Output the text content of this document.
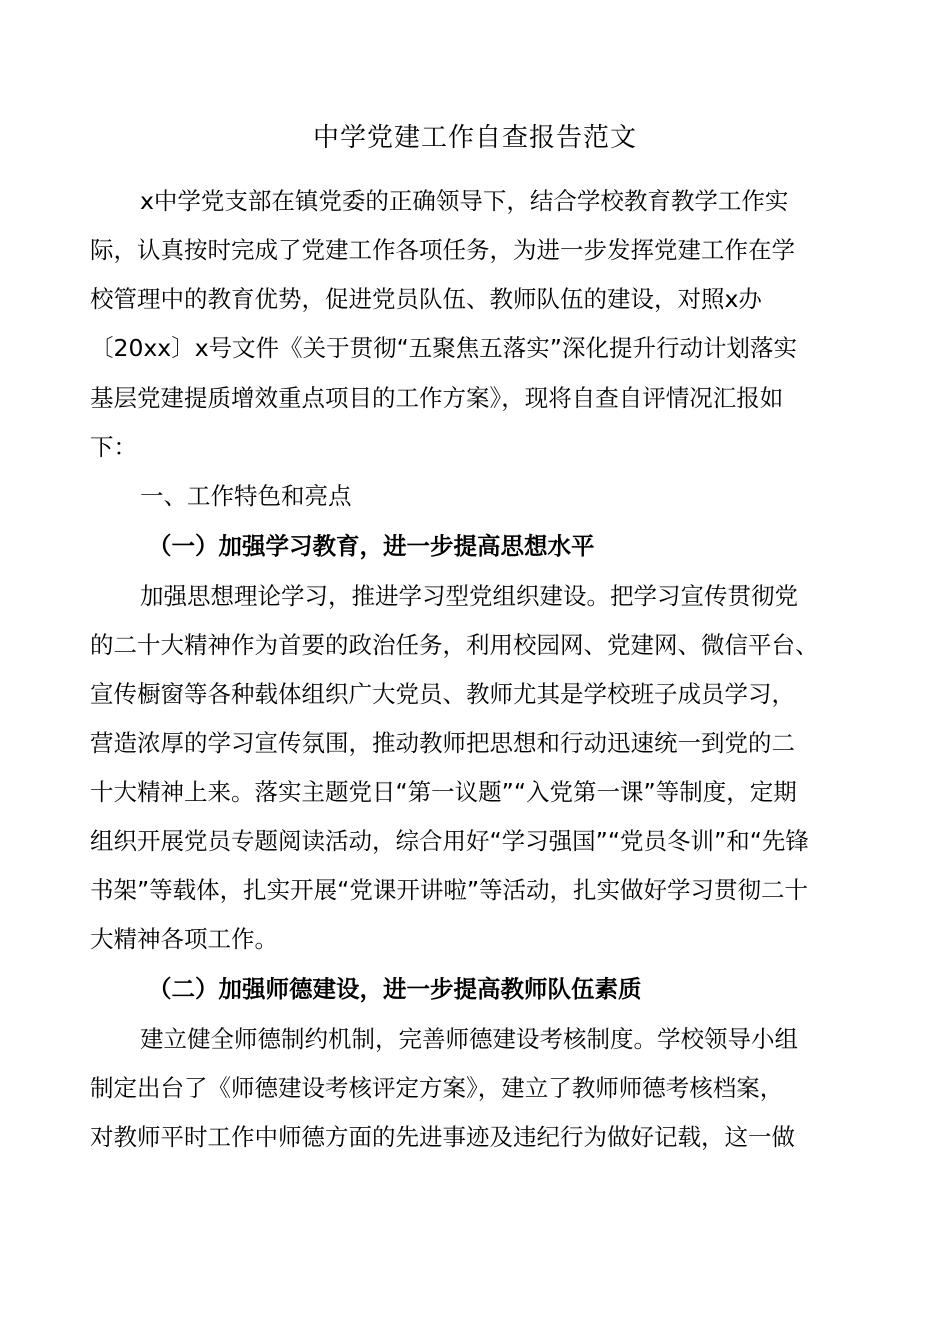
中学党建工作自查报告范文
x中学党支部在镇党委的正确领导下，结合学校教育教学工作实
际，认真按时完成了党建工作各项任务，为进一步发挥党建工作在学
校管理中的教育优势，促进党员队伍、教师队伍的建设，对照x办
〔20xx〕x号文件《关于贯彻“五聚焦五落实”深化提升行动计划落实
基层党建提质增效重点项目的工作方案》，现将自查自评情况汇报如
下：
一、工作特色和亮点
（一）加强学习教育，进一步提高思想水平
加强思想理论学习，推进学习型党组织建设。把学习宣传贯彻党
的二十大精神作为首要的政治任务，利用校园网、党建网、微信平台、
宣传橱窗等各种载体组织广大党员、教师尤其是学校班子成员学习，
营造浓厚的学习宣传氛围，推动教师把思想和行动迅速统一到党的二
十大精神上来。落实主题党日“第一议题”“入党第一课”等制度，定期
组织开展党员专题阅读活动，综合用好“学习强国”“党员冬训”和“先锋
书架”等载体，扎实开展“党课开讲啦”等活动，扎实做好学习贯彻二十
大精神各项工作。
（二）加强师德建设，进一步提高教师队伍素质
建立健全师德制约机制，完善师德建设考核制度。学校领导小组
制定出台了《师德建设考核评定方案》，建立了教师师德考核档案，
对教师平时工作中师德方面的先进事迹及违纪行为做好记载，这一做
